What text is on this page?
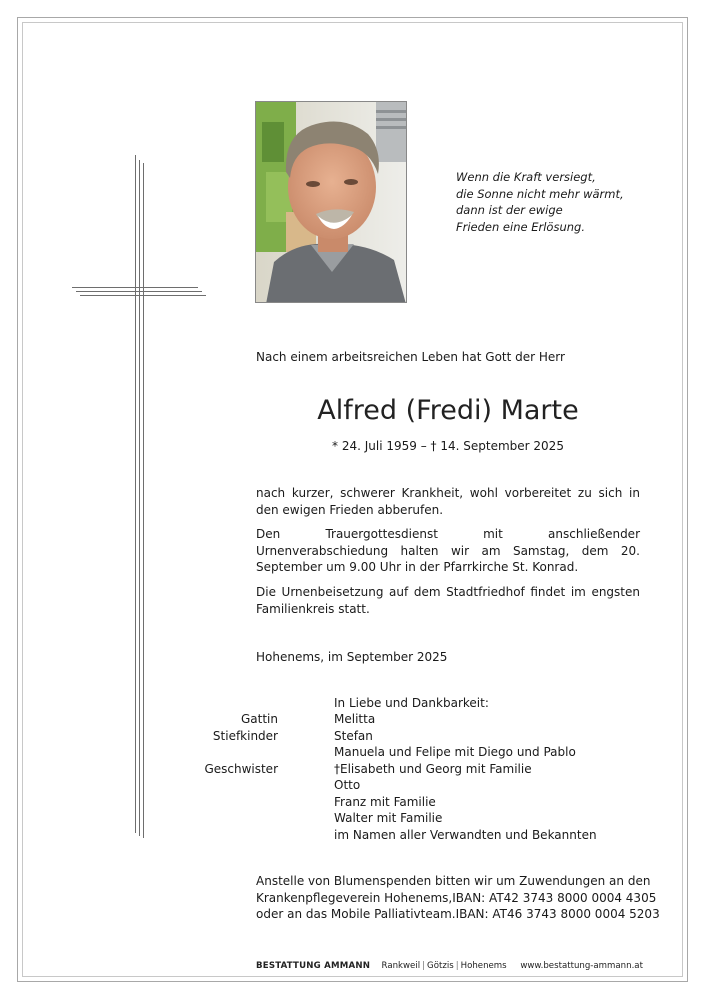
Wenn die Kraft versiegt,
die Sonne nicht mehr wärmt,
dann ist der ewige
Frieden eine Erlösung.
Nach einem arbeitsreichen Leben hat Gott der Herr
Alfred (Fredi) Marte
* 24. Juli 1959 – † 14. September 2025
nach kurzer, schwerer Krankheit, wohl vorbereitet zu sich in den ewigen Frieden abberufen.
Den Trauergottesdienst mit anschließender Urnenverabschiedung halten wir am Samstag, dem 20. September um 9.00 Uhr in der Pfarrkirche St. Konrad.
Die Urnenbeisetzung auf dem Stadtfriedhof findet im engsten Familienkreis statt.
Hohenems, im September 2025
In Liebe und Dankbarkeit:
Gattin	Melitta
Stiefkinder	Stefan
Manuela und Felipe mit Diego und Pablo
Geschwister	†Elisabeth und Georg mit Familie
Otto
Franz mit Familie
Walter mit Familie
im Namen aller Verwandten und Bekannten
Anstelle von Blumenspenden bitten wir um Zuwendungen an den
Krankenpflegeverein Hohenems, IBAN: AT42 3743 8000 0004 4305
oder an das Mobile Palliativteam. IBAN: AT46 3743 8000 0004 5203
BESTATTUNG AMMANN Rankweil | Götzis | Hohenems www.bestattung-ammann.at
